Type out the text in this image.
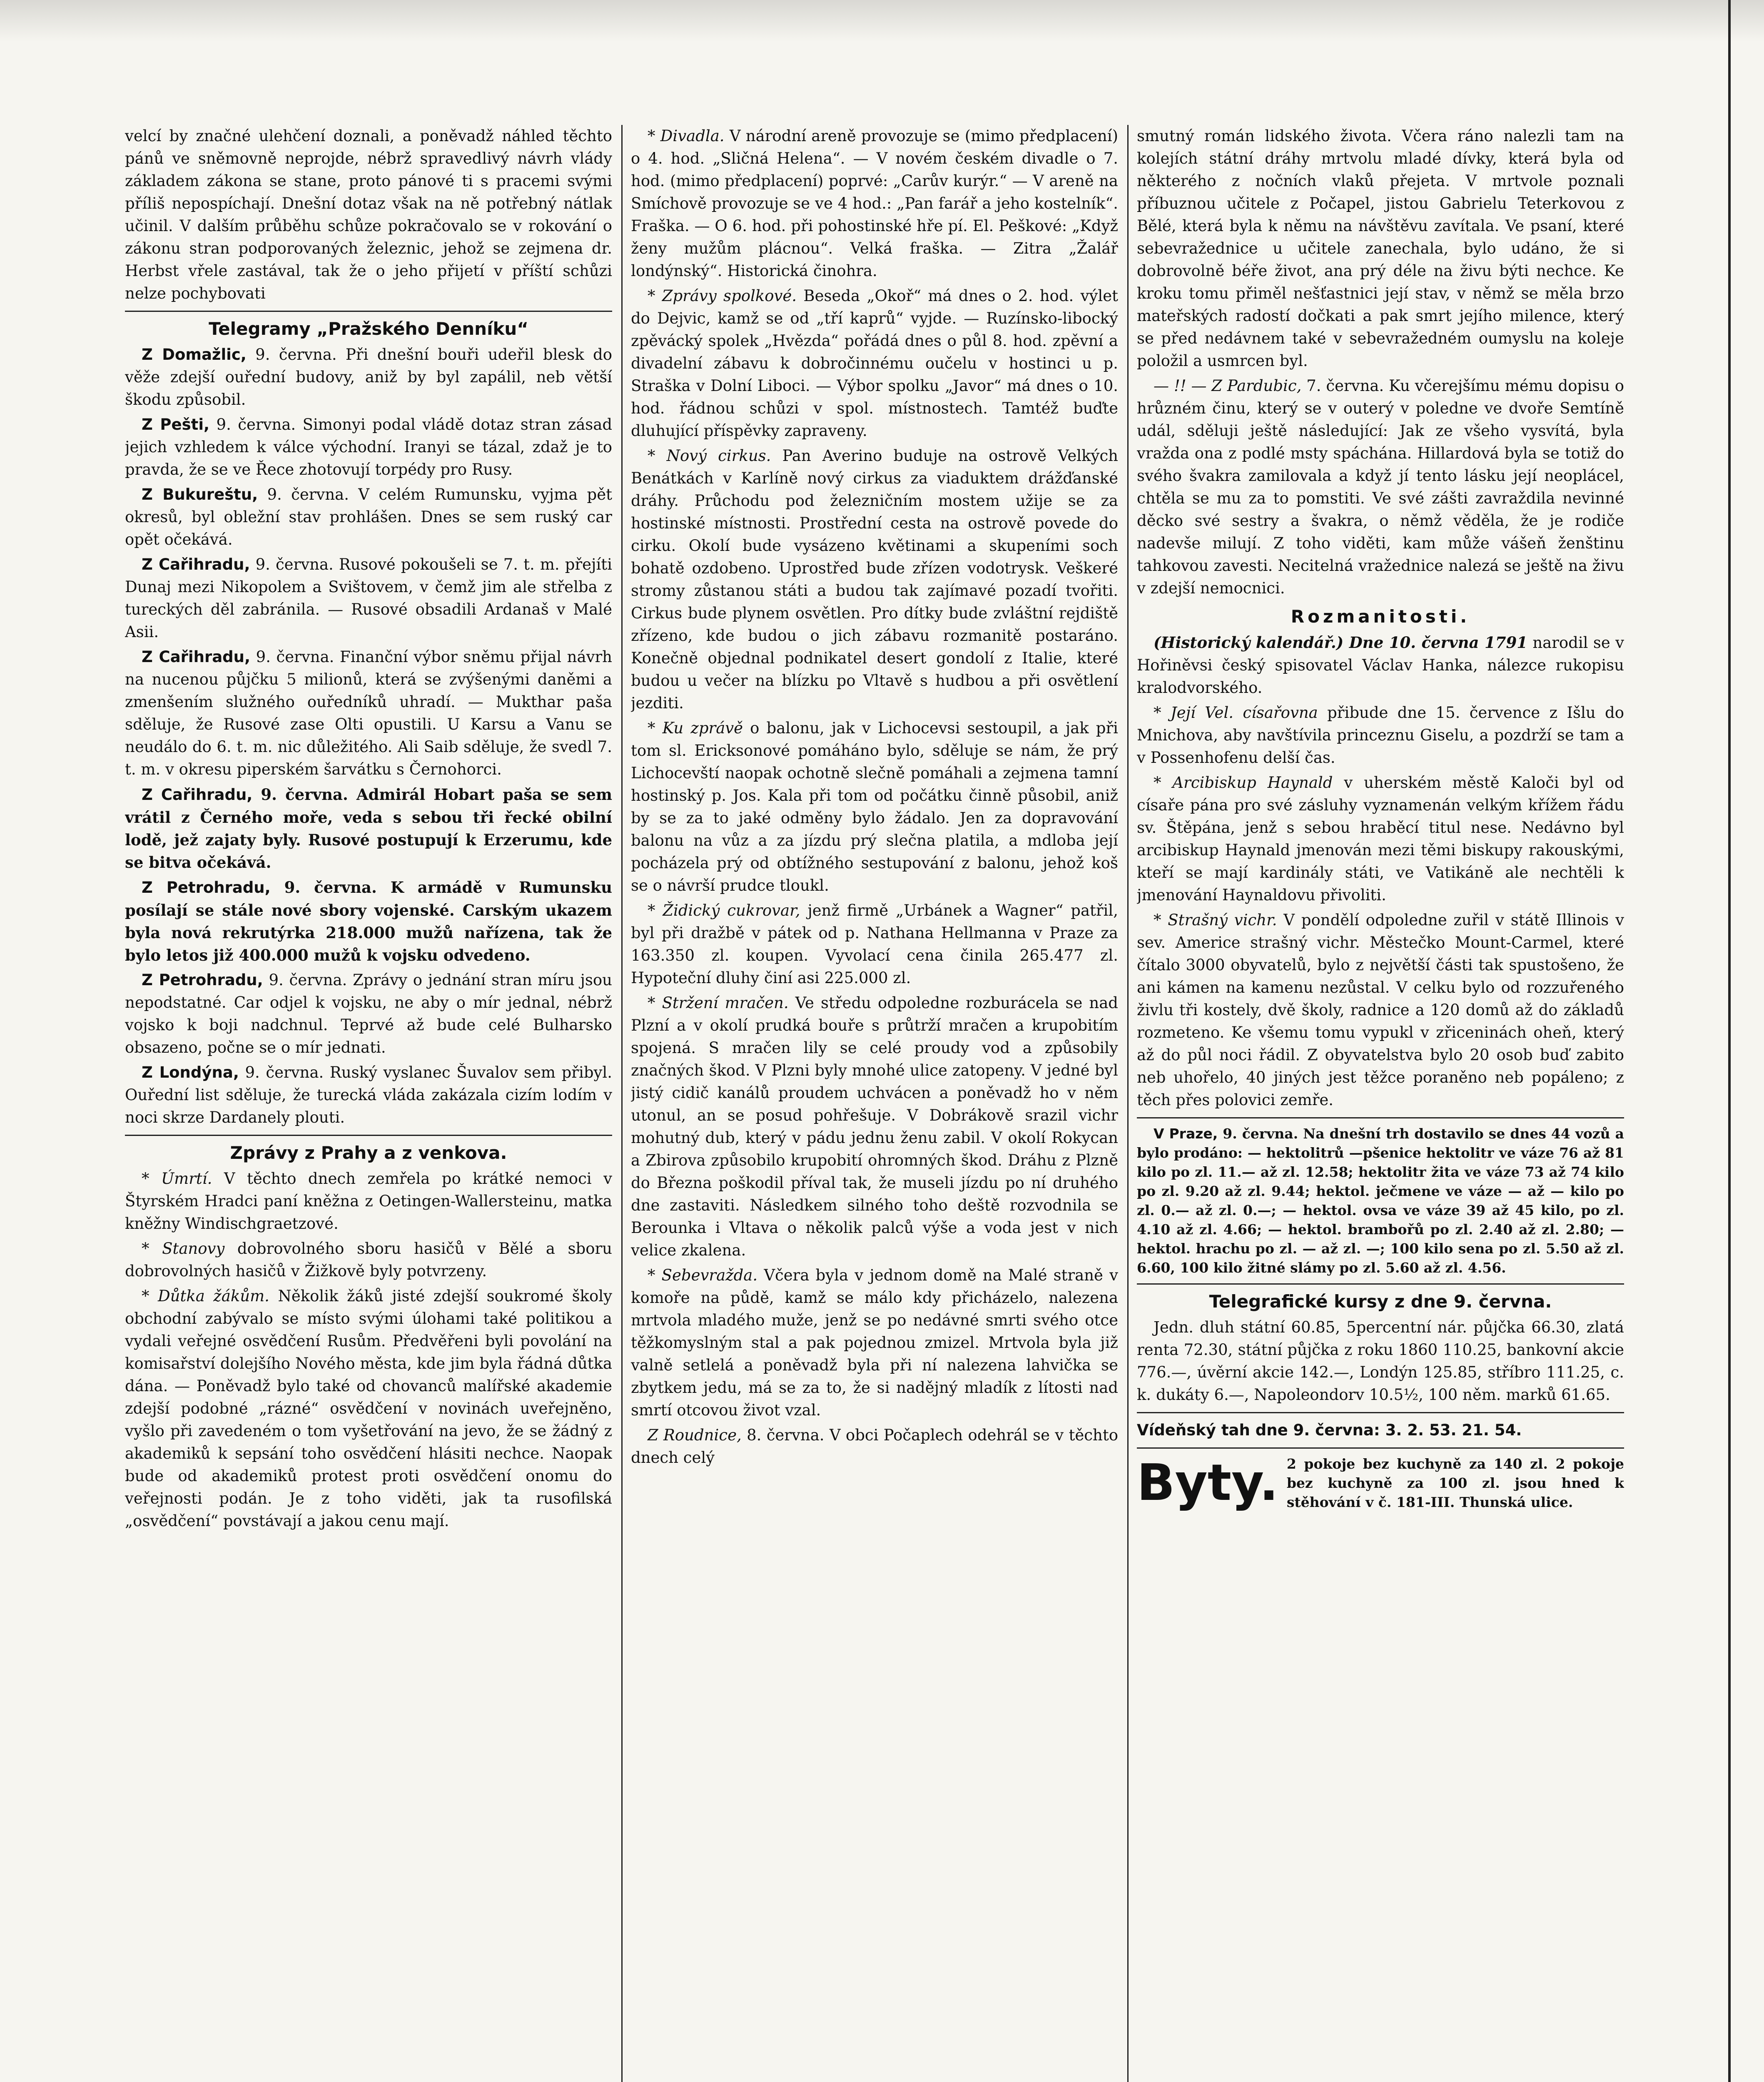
velcí by značné ulehčení doznali, a poněvadž náhled těchto pánů ve sněmovně neprojde, nébrž spravedlivý návrh vlády základem zákona se stane, proto pánové ti s pracemi svými příliš nepospíchají. Dnešní dotaz však na ně potřebný nátlak učinil. V dalším průběhu schůze pokračovalo se v rokování o zákonu stran podporovaných železnic, jehož se zejmena dr. Herbst vřele zastával, tak že o jeho přijetí v příští schůzi nelze pochybovati

Telegramy „Pražského Denníku“

Z Domažlic, 9. června. Při dnešní bouři udeřil blesk do věže zdejší ouřední budovy, aniž by byl zapálil, neb větší škodu způsobil.

Z Pešti, 9. června. Simonyi podal vládě dotaz stran zásad jejich vzhledem k válce východní. Iranyi se tázal, zdaž je to pravda, že se ve Řece zhotovují torpédy pro Rusy.

Z Bukureštu, 9. června. V celém Rumunsku, vyjma pět okresů, byl obležní stav prohlášen. Dnes se sem ruský car opět očekává.

Z Cařihradu, 9. června. Rusové pokoušeli se 7. t. m. přejíti Dunaj mezi Nikopolem a Svištovem, v čemž jim ale střelba z tureckých děl zabránila. — Rusové obsadili Ardanaš v Malé Asii.

Z Cařihradu, 9. června. Finanční výbor sněmu přijal návrh na nucenou půjčku 5 milionů, která se zvýšenými daněmi a zmenšením služného ouředníků uhradí. — Mukthar paša sděluje, že Rusové zase Olti opustili. U Karsu a Vanu se neudálo do 6. t. m. nic důležitého. Ali Saib sděluje, že svedl 7. t. m. v okresu piperském šarvátku s Černohorci.

Z Cařihradu, 9. června. Admirál Hobart paša se sem vrátil z Černého moře, veda s sebou tři řecké obilní lodě, jež zajaty byly. Rusové postupují k Erzerumu, kde se bitva očekává.

Z Petrohradu, 9. června. K armádě v Rumunsku posílají se stále nové sbory vojenské. Carským ukazem byla nová rekrutýrka 218.000 mužů nařízena, tak že bylo letos již 400.000 mužů k vojsku odvedeno.

Z Petrohradu, 9. června. Zprávy o jednání stran míru jsou nepodstatné. Car odjel k vojsku, ne aby o mír jednal, nébrž vojsko k boji nadchnul. Teprvé až bude celé Bulharsko obsazeno, počne se o mír jednati.

Z Londýna, 9. června. Ruský vyslanec Šuvalov sem přibyl. Ouřední list sděluje, že turecká vláda zakázala cizím lodím v noci skrze Dardanely plouti.

Zprávy z Prahy a z venkova.

* Úmrtí. V těchto dnech zemřela po krátké nemoci v Štyrském Hradci paní kněžna z Oetingen-Wallersteinu, matka kněžny Windischgraetzové.

* Stanovy dobrovolného sboru hasičů v Bělé a sboru dobrovolných hasičů v Žižkově byly potvrzeny.

* Důtka žákům. Několik žáků jisté zdejší soukromé školy obchodní zabývalo se místo svými úlohami také politikou a vydali veřejné osvědčení Rusům. Předvěřeni byli povolání na komisařství dolejšího Nového města, kde jim byla řádná důtka dána. — Poněvadž bylo také od chovanců malířské akademie zdejší podobné „rázné“ osvědčení v novinách uveřejněno, vyšlo při zavedeném o tom vyšetřování na jevo, že se žádný z akademiků k sepsání toho osvědčení hlásiti nechce. Naopak bude od akademiků protest proti osvědčení onomu do veřejnosti podán. Je z toho viděti, jak ta rusofilská „osvědčení“ povstávají a jakou cenu mají.

* Divadla. V národní areně provozuje se (mimo předplacení) o 4. hod. „Sličná Helena“. — V novém českém divadle o 7. hod. (mimo předplacení) poprvé: „Carův kurýr.“ — V areně na Smíchově provozuje se ve 4 hod.: „Pan farář a jeho kostelník“. Fraška. — O 6. hod. při pohostinské hře pí. El. Peškové: „Když ženy mužům plácnou“. Velká fraška. — Zitra „Žalář londýnský“. Historická činohra.

* Zprávy spolkové. Beseda „Okoř“ má dnes o 2. hod. výlet do Dejvic, kamž se od „tří kaprů“ vyjde. — Ruzínsko-libocký zpěvácký spolek „Hvězda“ pořádá dnes o půl 8. hod. zpěvní a divadelní zábavu k dobročinnému oučelu v hostinci u p. Straška v Dolní Liboci. — Výbor spolku „Javor“ má dnes o 10. hod. řádnou schůzi v spol. místnostech. Tamtéž buďte dluhující příspěvky zapraveny.

* Nový cirkus. Pan Averino buduje na ostrově Velkých Benátkách v Karlíně nový cirkus za viaduktem drážďanské dráhy. Průchodu pod železničním mostem užije se za hostinské místnosti. Prostřední cesta na ostrově povede do cirku. Okolí bude vysázeno květinami a skupeními soch bohatě ozdobeno. Uprostřed bude zřízen vodotrysk. Veškeré stromy zůstanou státi a budou tak zajímavé pozadí tvořiti. Cirkus bude plynem osvětlen. Pro dítky bude zvláštní rejdiště zřízeno, kde budou o jich zábavu rozmanitě postaráno. Konečně objednal podnikatel desert gondolí z Italie, které budou u večer na blízku po Vltavě s hudbou a při osvětlení jezditi.

* Ku zprávě o balonu, jak v Lichocevsi sestoupil, a jak při tom sl. Ericksonové pomáháno bylo, sděluje se nám, že prý Lichocevští naopak ochotně slečně pomáhali a zejmena tamní hostinský p. Jos. Kala při tom od počátku činně působil, aniž by se za to jaké odměny bylo žádalo. Jen za dopravování balonu na vůz a za jízdu prý slečna platila, a mdloba její pocházela prý od obtížného sestupování z balonu, jehož koš se o návrší prudce tloukl.

* Židický cukrovar, jenž firmě „Urbánek a Wagner“ patřil, byl při dražbě v pátek od p. Nathana Hellmanna v Praze za 163.350 zl. koupen. Vyvolací cena činila 265.477 zl. Hypoteční dluhy činí asi 225.000 zl.

* Stržení mračen. Ve středu odpoledne rozburácela se nad Plzní a v okolí prudká bouře s průtrží mračen a krupobitím spojená. S mračen lily se celé proudy vod a způsobily značných škod. V Plzni byly mnohé ulice zatopeny. V jedné byl jistý cidič kanálů proudem uchvácen a poněvadž ho v něm utonul, an se posud pohřešuje. V Dobrákově srazil vichr mohutný dub, který v pádu jednu ženu zabil. V okolí Rokycan a Zbirova způsobilo krupobití ohromných škod. Dráhu z Plzně do Března poškodil příval tak, že museli jízdu po ní druhého dne zastaviti. Následkem silného toho deště rozvodnila se Berounka i Vltava o několik palců výše a voda jest v nich velice zkalena.

* Sebevražda. Včera byla v jednom domě na Malé straně v komoře na půdě, kamž se málo kdy přicházelo, nalezena mrtvola mladého muže, jenž se po nedávné smrti svého otce těžkomyslným stal a pak pojednou zmizel. Mrtvola byla již valně setlelá a poněvadž byla při ní nalezena lahvička se zbytkem jedu, má se za to, že si nadějný mladík z lítosti nad smrtí otcovou život vzal.

Z Roudnice, 8. června. V obci Počaplech odehrál se v těchto dnech celý

smutný román lidského života. Včera ráno nalezli tam na kolejích státní dráhy mrtvolu mladé dívky, která byla od některého z nočních vlaků přejeta. V mrtvole poznali příbuznou učitele z Počapel, jistou Gabrielu Teterkovou z Bělé, která byla k němu na návštěvu zavítala. Ve psaní, které sebevražednice u učitele zanechala, bylo udáno, že si dobrovolně béře život, ana prý déle na živu býti nechce. Ke kroku tomu přiměl nešťastnici její stav, v němž se měla brzo mateřských radostí dočkati a pak smrt jejího milence, který se před nedávnem také v sebevražedném oumyslu na koleje položil a usmrcen byl.

— !! — Z Pardubic, 7. června. Ku včerejšímu mému dopisu o hrůzném činu, který se v outerý v poledne ve dvoře Semtíně udál, sděluji ještě následující: Jak ze všeho vysvítá, byla vražda ona z podlé msty spáchána. Hillardová byla se totiž do svého švakra zamilovala a když jí tento lásku její neoplácel, chtěla se mu za to pomstiti. Ve své zášti zavraždila nevinné děcko své sestry a švakra, o němž věděla, že je rodiče nadevše milují. Z toho viděti, kam může vášeň ženštinu tahkovou zavesti. Necitelná vražednice nalezá se ještě na živu v zdejší nemocnici.

Rozmanitosti.

(Historický kalendář.) Dne 10. června 1791 narodil se v Hořiněvsi český spisovatel Václav Hanka, nálezce rukopisu kralodvorského.

* Její Vel. císařovna přibude dne 15. července z Išlu do Mnichova, aby navštívila princeznu Giselu, a pozdrží se tam a v Possenhofenu delší čas.

* Arcibiskup Haynald v uherském městě Kaloči byl od císaře pána pro své zásluhy vyznamenán velkým křížem řádu sv. Štěpána, jenž s sebou hraběcí titul nese. Nedávno byl arcibiskup Haynald jmenován mezi těmi biskupy rakouskými, kteří se mají kardinály státi, ve Vatikáně ale nechtěli k jmenování Haynaldovu přivoliti.

* Strašný vichr. V pondělí odpoledne zuřil v státě Illinois v sev. Americe strašný vichr. Městečko Mount-Carmel, které čítalo 3000 obyvatelů, bylo z největší části tak spustošeno, že ani kámen na kamenu nezůstal. V celku bylo od rozzuřeného živlu tři kostely, dvě školy, radnice a 120 domů až do základů rozmeteno. Ke všemu tomu vypukl v zřiceninách oheň, který až do půl noci řádil. Z obyvatelstva bylo 20 osob buď zabito neb uhořelo, 40 jiných jest těžce poraněno neb popáleno; z těch přes polovici zemře.

V Praze, 9. června. Na dnešní trh dostavilo se dnes 44 vozů a bylo prodáno: — hektolitrů —pšenice hektolitr ve váze 76 až 81 kilo po zl. 11.— až zl. 12.58; hektolitr žita ve váze 73 až 74 kilo po zl. 9.20 až zl. 9.44; hektol. ječmene ve váze — až — kilo po zl. 0.— až zl. 0.—; — hektol. ovsa ve váze 39 až 45 kilo, po zl. 4.10 až zl. 4.66; — hektol. brambořů po zl. 2.40 až zl. 2.80; — hektol. hrachu po zl. — až zl. —; 100 kilo sena po zl. 5.50 až zl. 6.60, 100 kilo žitné slámy po zl. 5.60 až zl. 4.56.

Telegrafické kursy z dne 9. června.

Jedn. dluh státní 60.85, 5percentní nár. půjčka 66.30, zlatá renta 72.30, státní půjčka z roku 1860 110.25, bankovní akcie 776.—, úvěrní akcie 142.—, Londýn 125.85, stříbro 111.25, c. k. dukáty 6.—, Napoleondorv 10.5½, 100 něm. marků 61.65.

Vídeňský tah dne 9. června: 3. 2. 53. 21. 54.

Byty. 2 pokoje bez kuchyně za 140 zl. 2 pokoje bez kuchyně za 100 zl. jsou hned k stěhování v č. 181-III. Thunská ulice.
